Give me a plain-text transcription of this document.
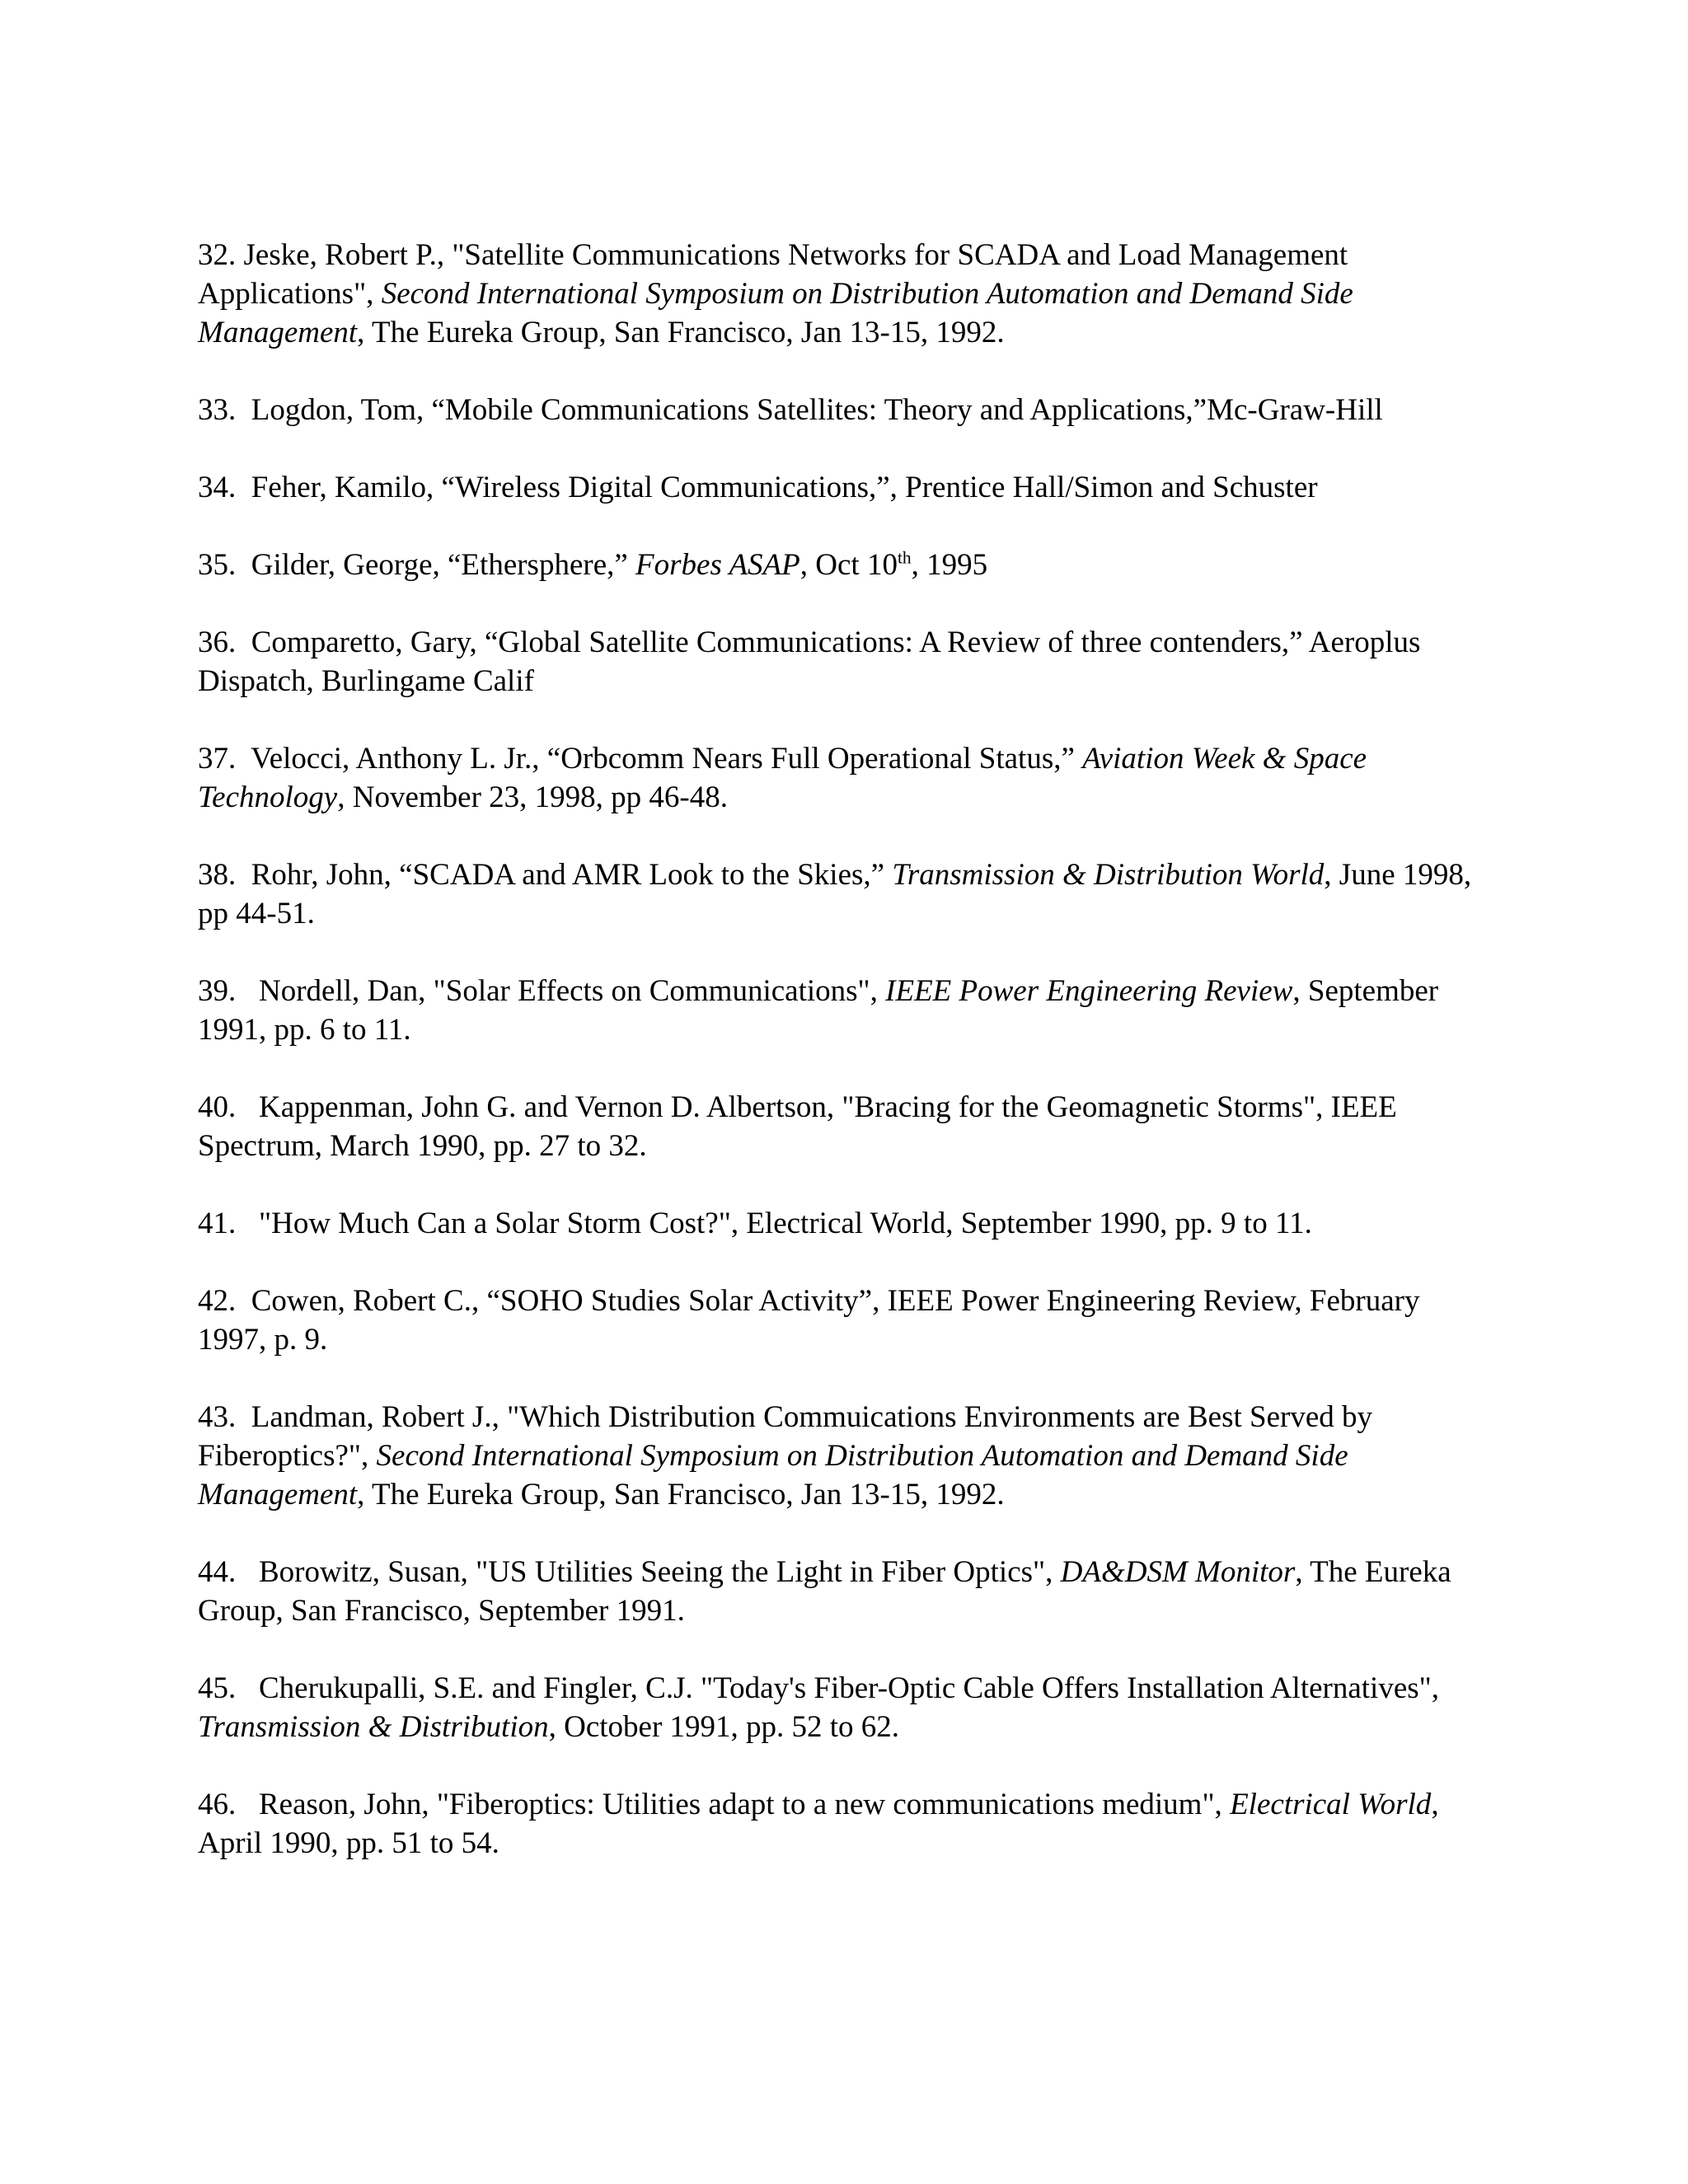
32. Jeske, Robert P., "Satellite Communications Networks for SCADA and Load Management Applications", Second International Symposium on Distribution Automation and Demand Side Management, The Eureka Group, San Francisco, Jan 13-15, 1992.

33.  Logdon, Tom, “Mobile Communications Satellites: Theory and Applications,”Mc-Graw-Hill

34.  Feher, Kamilo, “Wireless Digital Communications,”, Prentice Hall/Simon and Schuster

35.  Gilder, George, “Ethersphere,” Forbes ASAP, Oct 10th, 1995

36.  Comparetto, Gary, “Global Satellite Communications: A Review of three contenders,” Aeroplus Dispatch, Burlingame Calif

37.  Velocci, Anthony L. Jr., “Orbcomm Nears Full Operational Status,” Aviation Week & Space Technology, November 23, 1998, pp 46-48.

38.  Rohr, John, “SCADA and AMR Look to the Skies,” Transmission & Distribution World, June 1998, pp 44-51.

39.   Nordell, Dan, "Solar Effects on Communications", IEEE Power Engineering Review, September 1991, pp. 6 to 11.

40.   Kappenman, John G. and Vernon D. Albertson, "Bracing for the Geomagnetic Storms", IEEE Spectrum, March 1990, pp. 27 to 32.

41.   "How Much Can a Solar Storm Cost?", Electrical World, September 1990, pp. 9 to 11.

42.  Cowen, Robert C., “SOHO Studies Solar Activity”, IEEE Power Engineering Review, February 1997, p. 9.

43.  Landman, Robert J., "Which Distribution Commuications Environments are Best Served by Fiberoptics?", Second International Symposium on Distribution Automation and Demand Side Management, The Eureka Group, San Francisco, Jan 13-15, 1992.

44.   Borowitz, Susan, "US Utilities Seeing the Light in Fiber Optics", DA&DSM Monitor, The Eureka Group, San Francisco, September 1991.

45.   Cherukupalli, S.E. and Fingler, C.J. "Today's Fiber-Optic Cable Offers Installation Alternatives", Transmission & Distribution, October 1991, pp. 52 to 62.

46.   Reason, John, "Fiberoptics: Utilities adapt to a new communications medium", Electrical World, April 1990, pp. 51 to 54.
